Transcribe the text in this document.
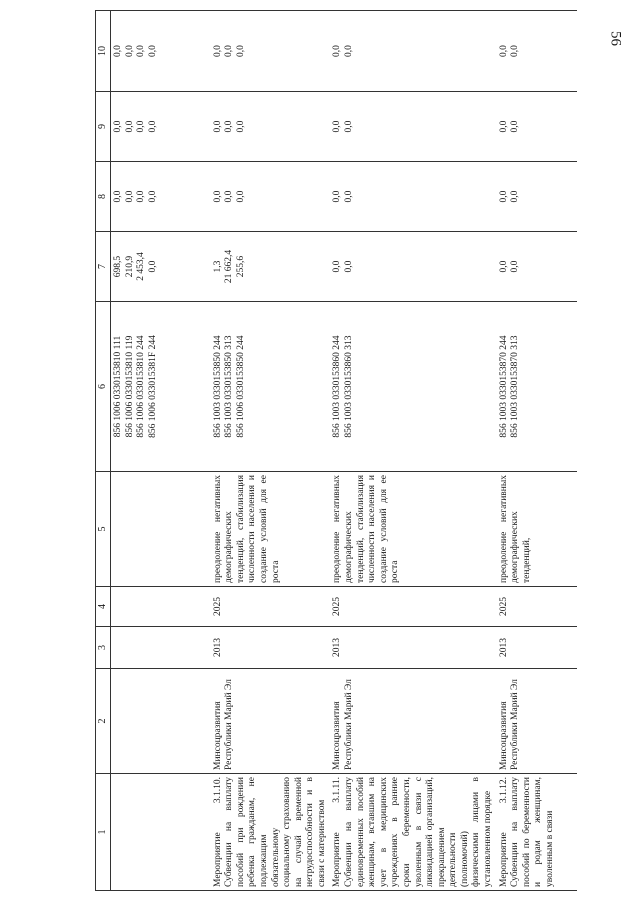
56
1	2	3	4	5	6	7	8	9	10

					856 1006 0330153810 111 856 1006 0330153810 119 856 1006 0330153810 244 856 1006 033015381F 244	698,5 210,9 2 453,4 0,0	0,0 0,0 0,0 0,0	0,0 0,0 0,0 0,0	0,0 0,0 0,0 0,0

Мероприятие 3.1.10. Субвенции на выплату пособий при рождении ребенка гражданам, не подлежащим обязательному социальному страхованию на случай временной нетрудоспособности и в связи с материнством	Минсоцразвития Республики Марий Эл	2013	2025	преодоление негативных демографических тенденций, стабилизация численности населения и создание условий для ее роста	856 1003 0330153850 244 856 1003 0330153850 313 856 1006 0330153850 244	1,3 21 662,4 255,6	0,0 0,0 0,0	0,0 0,0 0,0	0,0 0,0 0,0

Мероприятие 3.1.11. Субвенции на выплату единовременных пособий женщинам, вставшим на учет в медицинских учреждениях в ранние сроки беременности, уволенным в связи с ликвидацией организаций, прекращением деятельности (полномочий) физическими лицами в установленном порядке	Минсоцразвития Республики Марий Эл	2013	2025	преодоление негативных демографических тенденций, стабилизация численности населения и создание условий для ее роста	856 1003 0330153860 244 856 1003 0330153860 313	0,0 0,0	0,0 0,0	0,0 0,0	0,0 0,0

Мероприятие 3.1.12. Субвенции на выплату пособий по беременности и родам женщинам, уволенным в связи	Минсоцразвития Республики Марий Эл	2013	2025	преодоление негативных демографических тенденций,	856 1003 0330153870 244 856 1003 0330153870 313	0,0 0,0	0,0 0,0	0,0 0,0	0,0 0,0
